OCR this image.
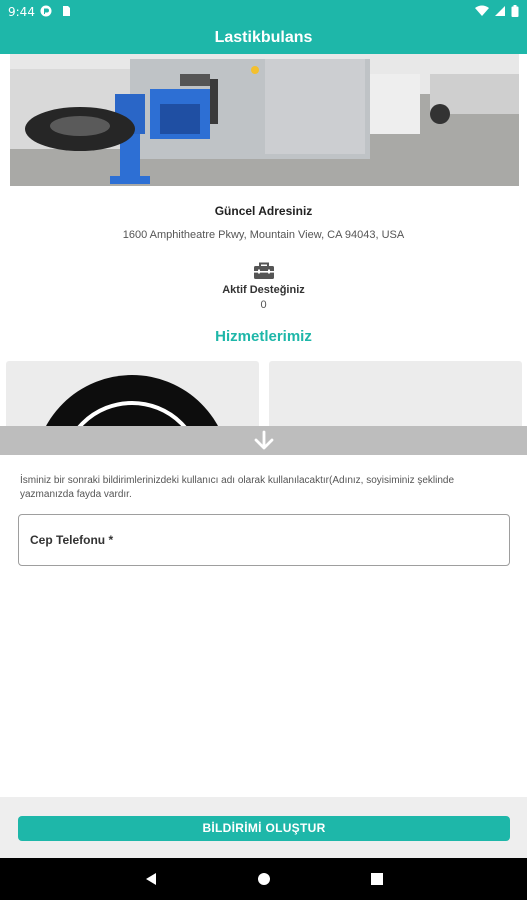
9:44
Lastikbulans
Güncel Adresiniz
1600 Amphitheatre Pkwy, Mountain View, CA 94043, USA
Aktif Desteğiniz
0
Hizmetlerimiz
İsminiz bir sonraki bildirimlerinizdeki kullanıcı adı olarak kullanılacaktır(Adınız, soyisiminiz şeklinde yazmanızda fayda vardır.
Cep Telefonu *
BİLDİRİMİ OLUŞTUR
